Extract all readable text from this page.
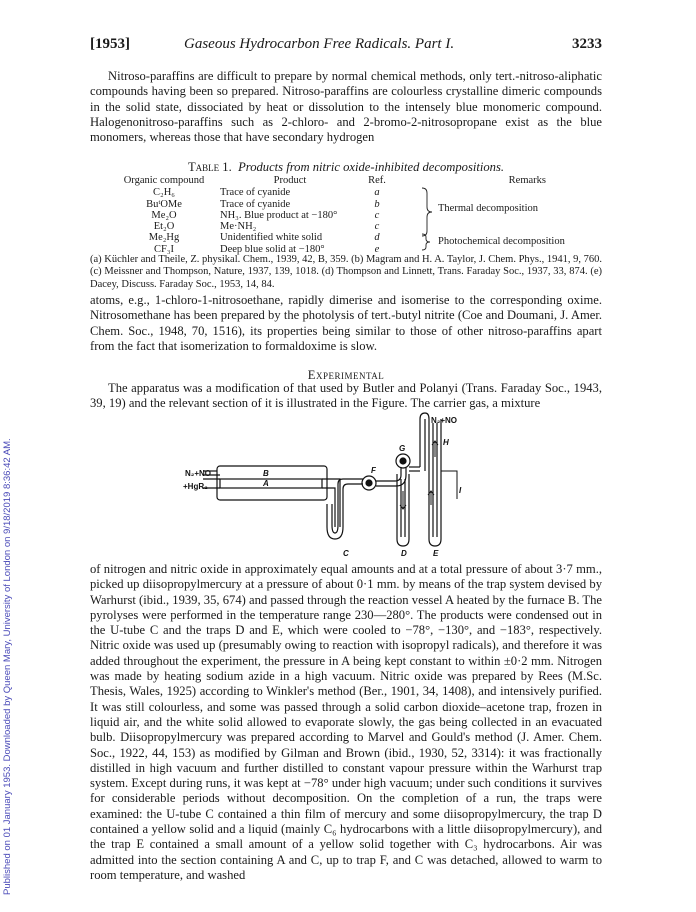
Published on 01 January 1953. Downloaded by Queen Mary, University of London on 9/18/2019 8:36:42 AM.
[1953]	Gaseous Hydrocarbon Free Radicals. Part I.	3233

Nitroso-paraffins are difficult to prepare by normal chemical methods, only tert.-nitroso-aliphatic compounds having been so prepared. Nitroso-paraffins are colourless crystalline dimeric compounds in the solid state, dissociated by heat or dissolution to the intensely blue monomeric compound. Halogenonitroso-paraffins such as 2-chloro- and 2-bromo-2-nitrosopropane exist as the blue monomers, whereas those that have secondary hydrogen

Table 1. Products from nitric oxide-inhibited decompositions.
Organic compound	Product	Ref.	Remarks
C₂H₆	Trace of cyanide	a	
BuᵗOMe	Trace of cyanide	b	
Me₂O	NH₃. Blue product at −180°	c	
Et₂O	Me·NH₂	c	
Me₂Hg	Unidentified white solid	d	
CF₃I	Deep blue solid at −180°	e	
Thermal decomposition
Photochemical decomposition

(a) Küchler and Theile, Z. physikal. Chem., 1939, 42, B, 359. (b) Magram and H. A. Taylor, J. Chem. Phys., 1941, 9, 760. (c) Meissner and Thompson, Nature, 1937, 139, 1018. (d) Thompson and Linnett, Trans. Faraday Soc., 1937, 33, 874. (e) Dacey, Discuss. Faraday Soc., 1953, 14, 84.

atoms, e.g., 1-chloro-1-nitrosoethane, rapidly dimerise and isomerise to the corresponding oxime. Nitrosomethane has been prepared by the photolysis of tert.-butyl nitrite (Coe and Doumani, J. Amer. Chem. Soc., 1948, 70, 1516), its properties being similar to those of other nitroso-paraffins apart from the fact that isomerization to formaldoxime is slow.

Experimental

The apparatus was a modification of that used by Butler and Polanyi (Trans. Faraday Soc., 1943, 39, 19) and the relevant section of it is illustrated in the Figure. The carrier gas, a mixture

N₂+NO
+HgR₂
B
A
C
F
G
D	E
N₂+NO
H
I

of nitrogen and nitric oxide in approximately equal amounts and at a total pressure of about 3·7 mm., picked up diisopropylmercury at a pressure of about 0·1 mm. by means of the trap system devised by Warhurst (ibid., 1939, 35, 674) and passed through the reaction vessel A heated by the furnace B. The pyrolyses were performed in the temperature range 230—280°. The products were condensed out in the U-tube C and the traps D and E, which were cooled to −78°, −130°, and −183°, respectively. Nitric oxide was used up (presumably owing to reaction with isopropyl radicals), and therefore it was added throughout the experiment, the pressure in A being kept constant to within ±0·2 mm. Nitrogen was made by heating sodium azide in a high vacuum. Nitric oxide was prepared by Rees (M.Sc. Thesis, Wales, 1925) according to Winkler's method (Ber., 1901, 34, 1408), and intensively purified. It was still colourless, and some was passed through a solid carbon dioxide–acetone trap, frozen in liquid air, and the white solid allowed to evaporate slowly, the gas being collected in an evacuated bulb. Diisopropylmercury was prepared according to Marvel and Gould's method (J. Amer. Chem. Soc., 1922, 44, 153) as modified by Gilman and Brown (ibid., 1930, 52, 3314): it was fractionally distilled in high vacuum and further distilled to constant vapour pressure within the Warhurst trap system. Except during runs, it was kept at −78° under high vacuum; under such conditions it survives for considerable periods without decomposition. On the completion of a run, the traps were examined: the U-tube C contained a thin film of mercury and some diisopropylmercury, the trap D contained a yellow solid and a liquid (mainly C₆ hydrocarbons with a little diisopropylmercury), and the trap E contained a small amount of a yellow solid together with C₃ hydrocarbons. Air was admitted into the section containing A and C, up to trap F, and C was detached, allowed to warm to room temperature, and washed
